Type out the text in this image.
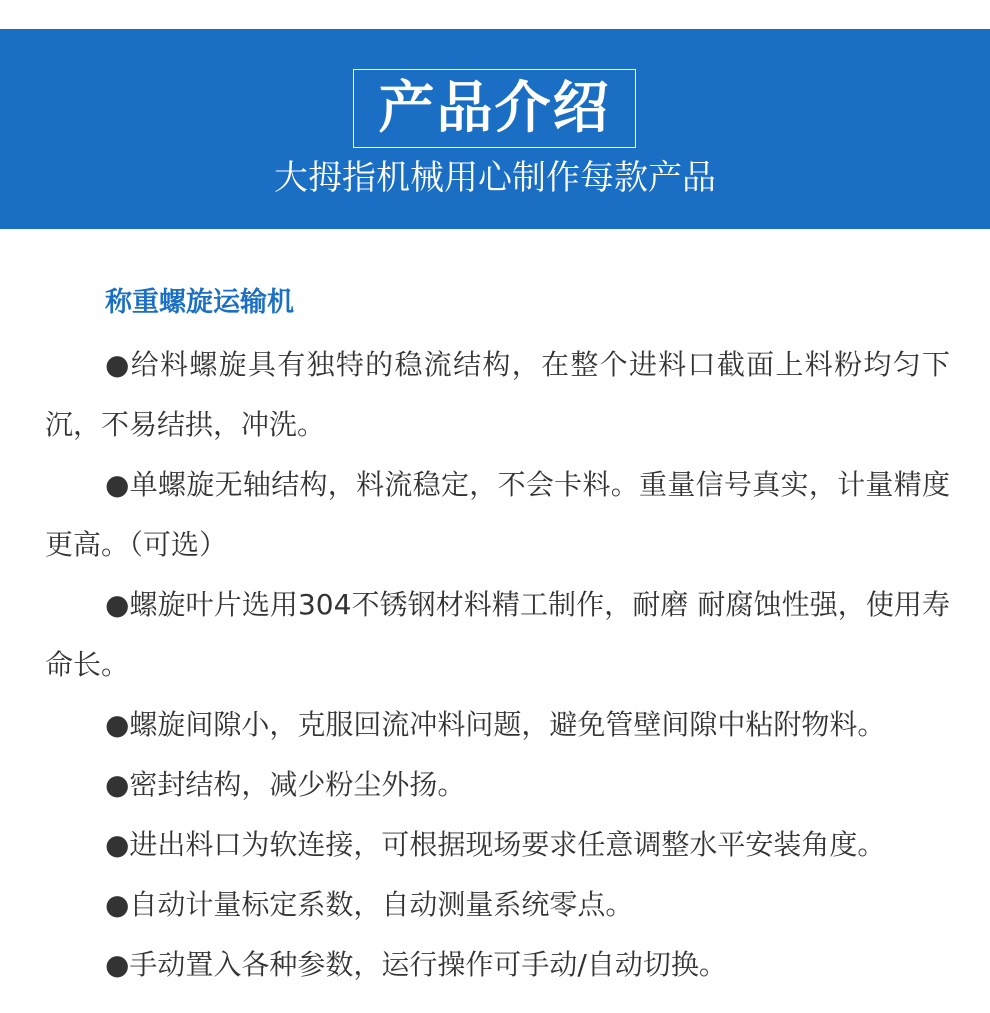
产品介绍
大拇指机械用心制作每款产品
称重螺旋运输机

●给料螺旋具有独特的稳流结构，在整个进料口截面上料粉均匀下沉，不易结拱，冲洗。

●单螺旋无轴结构，料流稳定，不会卡料。重量信号真实，计量精度更高。（可选）

●螺旋叶片选用304不锈钢材料精工制作，耐磨 耐腐蚀性强，使用寿命长。

●螺旋间隙小，克服回流冲料问题，避免管壁间隙中粘附物料。

●密封结构，减少粉尘外扬。

●进出料口为软连接，可根据现场要求任意调整水平安装角度。

●自动计量标定系数，自动测量系统零点。

●手动置入各种参数，运行操作可手动/自动切换。
